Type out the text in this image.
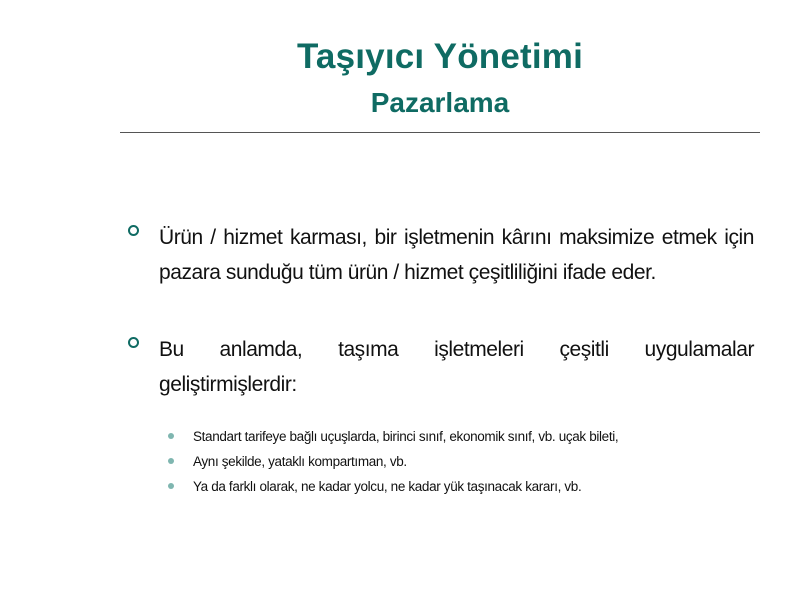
Taşıyıcı Yönetimi
Pazarlama
Ürün / hizmet karması, bir işletmenin kârını maksimize etmek için pazara sunduğu tüm ürün / hizmet çeşitliliğini ifade eder.
Bu anlamda, taşıma işletmeleri çeşitli uygulamalar
geliştirmişlerdir:
Standart tarifeye bağlı uçuşlarda, birinci sınıf, ekonomik sınıf, vb. uçak bileti,
Aynı şekilde, yataklı kompartıman, vb.
Ya da farklı olarak, ne kadar yolcu, ne kadar yük taşınacak kararı, vb.
